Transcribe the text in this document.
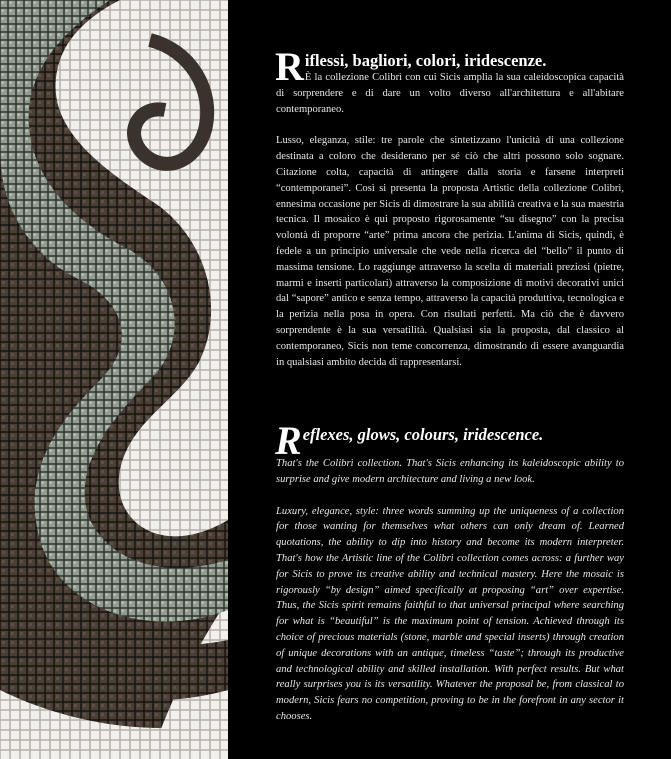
Riflessi, bagliori, colori, iridescenze.

È la collezione Colibrì con cui Sicis amplia la sua caleidoscopica capacità di sorprendere e di dare un volto diverso all'architettura e all'abitare contemporaneo.

Lusso, eleganza, stile: tre parole che sintetizzano l'unicità di una collezione destinata a coloro che desiderano per sé ciò che altri possono solo sognare. Citazione colta, capacità di attingere dalla storia e farsene interpreti “contemporanei”. Così si presenta la proposta Artistic della collezione Colibrì, ennesima occasione per Sicis di dimostrare la sua abilità creativa e la sua maestria tecnica. Il mosaico è qui proposto rigorosamente “su disegno” con la precisa volontà di proporre “arte” prima ancora che perizia. L'anima di Sicis, quindi, è fedele a un principio universale che vede nella ricerca del “bello” il punto di massima tensione. Lo raggiunge attraverso la scelta di materiali preziosi (pietre, marmi e inserti particolari) attraverso la composizione di motivi decorativi unici dal “sapore” antico e senza tempo, attraverso la capacità produttiva, tecnologica e la perizia nella posa in opera. Con risultati perfetti. Ma ciò che è davvero sorprendente è la sua versatilità. Qualsiasi sia la proposta, dal classico al contemporaneo, Sicis non teme concorrenza, dimostrando di essere avanguardia in qualsiasi ambito decida di rappresentarsi.

Reflexes, glows, colours, iridescence.

That's the Colibrì collection. That's Sicis enhancing its kaleidoscopic ability to surprise and give modern architecture and living a new look.

Luxury, elegance, style: three words summing up the uniqueness of a collection for those wanting for themselves what others can only dream of. Learned quotations, the ability to dip into history and become its modern interpreter. That's how the Artistic line of the Colibrì collection comes across: a further way for Sicis to prove its creative ability and technical mastery. Here the mosaic is rigorously “by design” aimed specifically at proposing “art” over expertise. Thus, the Sicis spirit remains faithful to that universal principal where searching for what is “beautiful” is the maximum point of tension. Achieved through its choice of precious materials (stone, marble and special inserts) through creation of unique decorations with an antique, timeless “taste”; through its productive and technological ability and skilled installation. With perfect results. But what really surprises you is its versatility. Whatever the proposal be, from classical to modern, Sicis fears no competition, proving to be in the forefront in any sector it chooses.
